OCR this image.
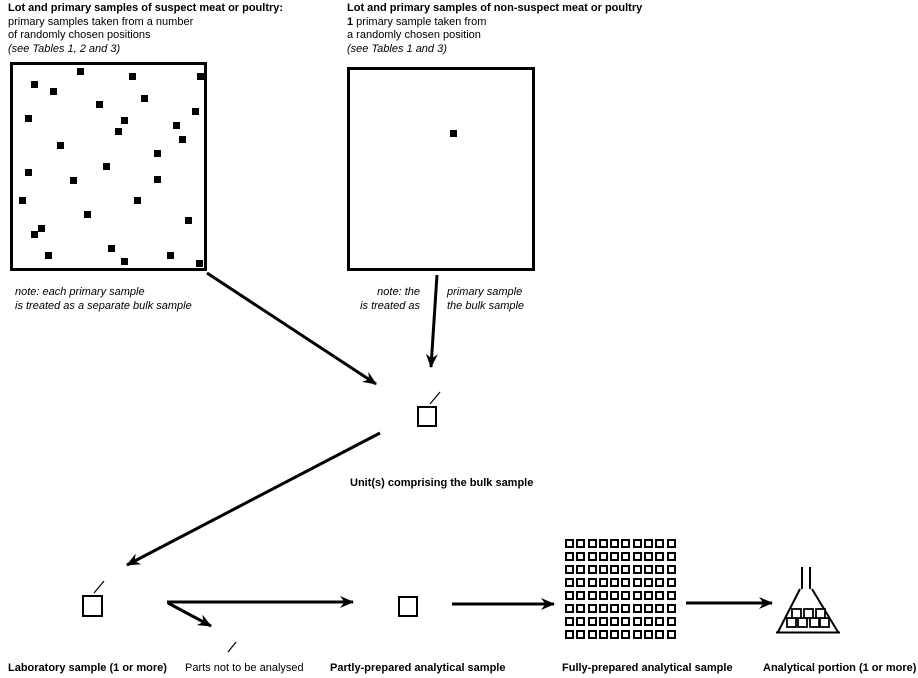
Lot and primary samples of suspect meat or poultry:
primary samples taken from a number
of randomly chosen positions
(see Tables 1, 2 and 3)
Lot and primary samples of non-suspect meat or poultry
1 primary sample taken from
a randomly chosen position
(see Tables 1 and 3)
note: each primary sample
is treated as a separate bulk sample
note: the
is treated as
primary sample
the bulk sample
Unit(s) comprising the bulk sample
Laboratory sample (1 or more) Parts not to be analysed Partly-prepared analytical sample	Fully-prepared analytical sample	Analytical portion (1 or more)
